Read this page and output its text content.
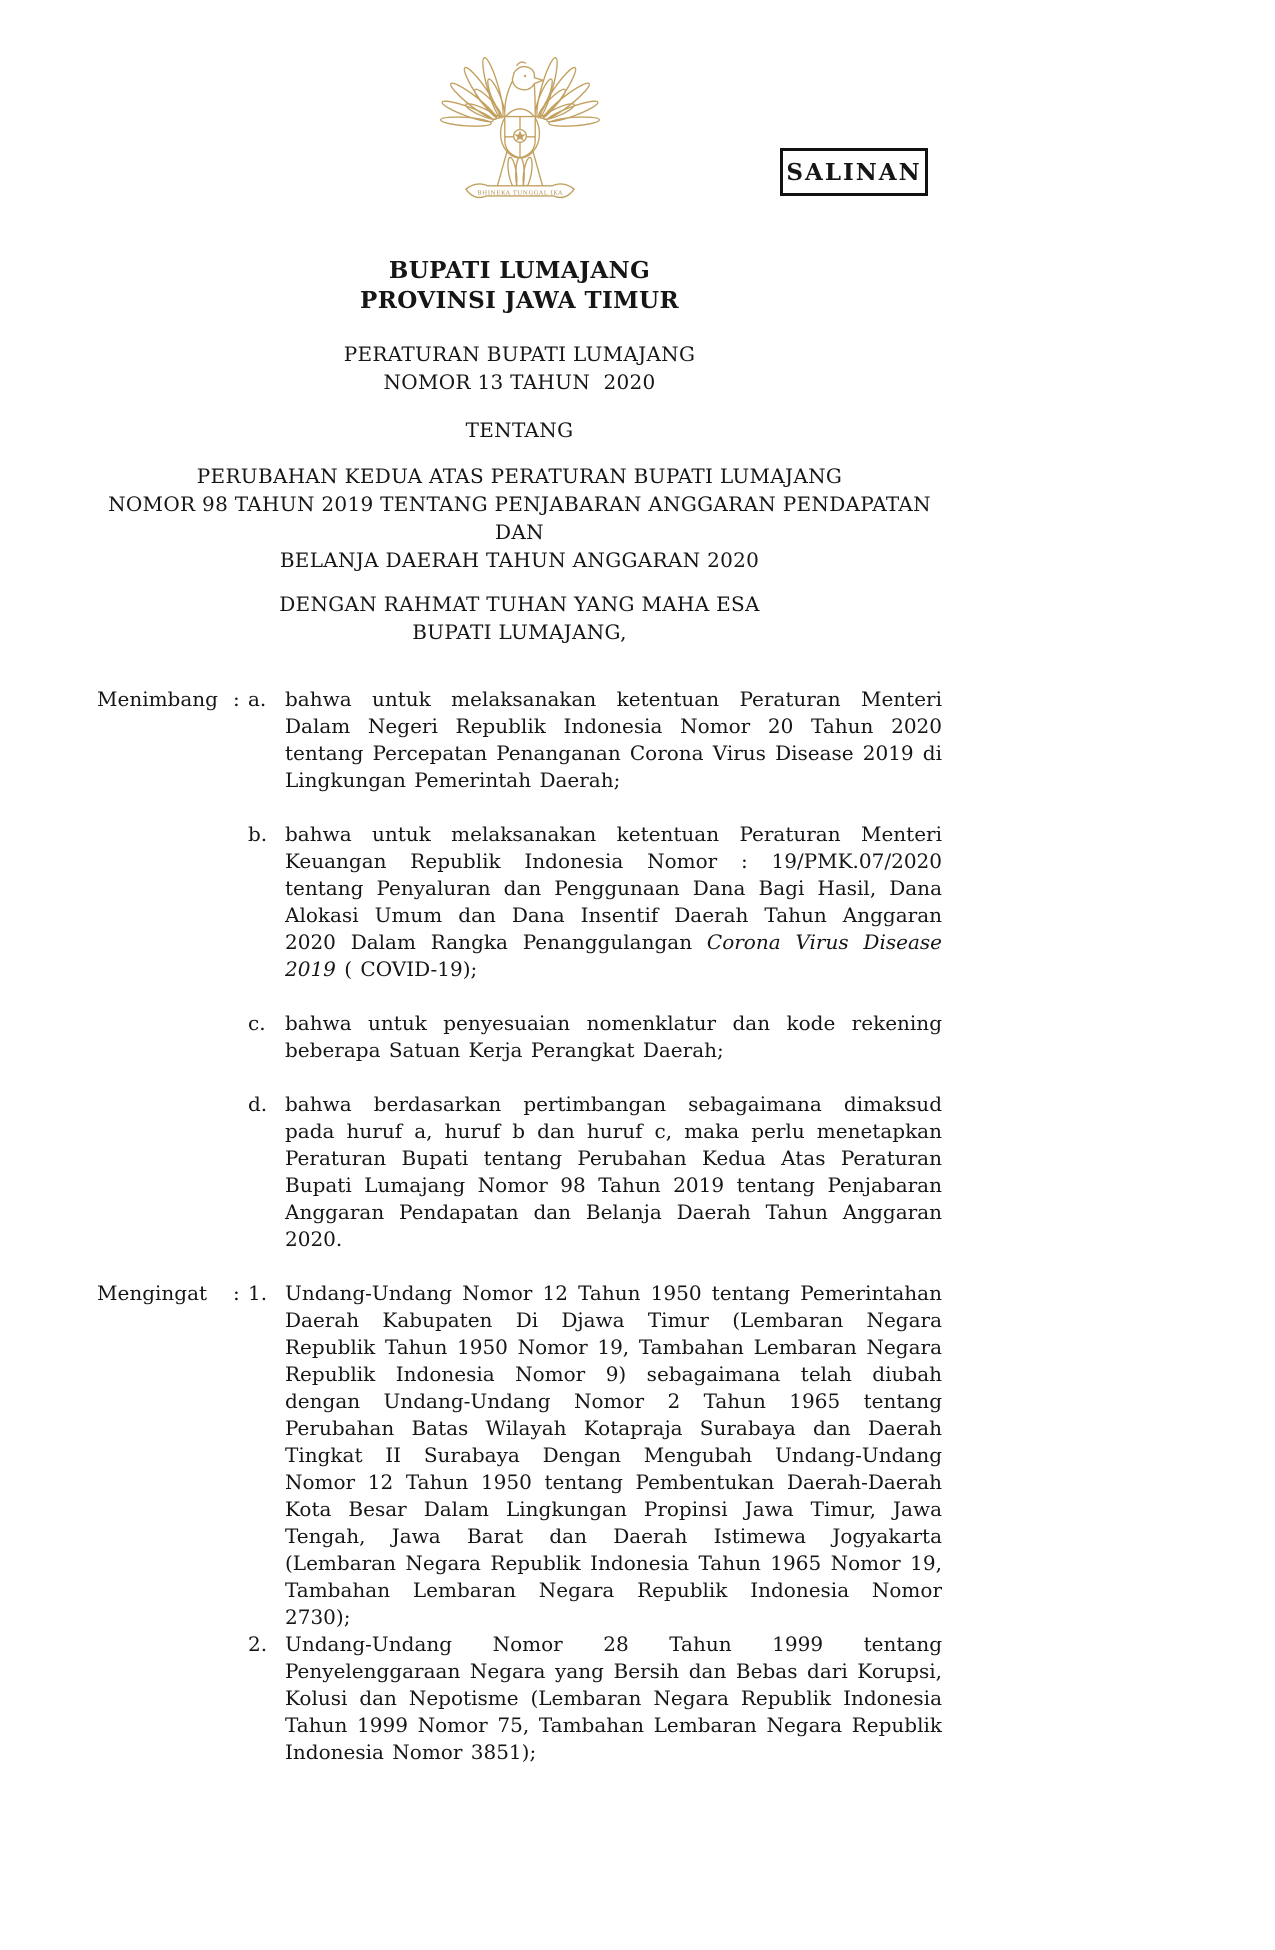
SALINAN
BHINEKA TUNGGAL IKA
BUPATI LUMAJANG
PROVINSI JAWA TIMUR
PERATURAN BUPATI LUMAJANG
NOMOR 13 TAHUN  2020
TENTANG
PERUBAHAN KEDUA ATAS PERATURAN BUPATI LUMAJANG
NOMOR 98 TAHUN 2019 TENTANG PENJABARAN ANGGARAN PENDAPATAN DAN
BELANJA DAERAH TAHUN ANGGARAN 2020
DENGAN RAHMAT TUHAN YANG MAHA ESA
BUPATI LUMAJANG,
Menimbang : a. bahwa untuk melaksanakan ketentuan Peraturan Menteri Dalam Negeri Republik Indonesia Nomor 20 Tahun 2020 tentang Percepatan Penanganan Corona Virus Disease 2019 di Lingkungan Pemerintah Daerah;
b. bahwa untuk melaksanakan ketentuan Peraturan Menteri Keuangan Republik Indonesia Nomor : 19/PMK.07/2020 tentang Penyaluran dan Penggunaan Dana Bagi Hasil, Dana Alokasi Umum dan Dana Insentif Daerah Tahun Anggaran 2020 Dalam Rangka Penanggulangan Corona Virus Disease 2019 ( COVID-19);
c. bahwa untuk penyesuaian nomenklatur dan kode rekening beberapa Satuan Kerja Perangkat Daerah;
d. bahwa berdasarkan pertimbangan sebagaimana dimaksud pada huruf a, huruf b dan huruf c, maka perlu menetapkan Peraturan Bupati tentang Perubahan Kedua Atas Peraturan Bupati Lumajang Nomor 98 Tahun 2019 tentang Penjabaran Anggaran Pendapatan dan Belanja Daerah Tahun Anggaran 2020.
Mengingat	: 1. Undang-Undang Nomor 12 Tahun 1950 tentang Pemerintahan Daerah Kabupaten Di Djawa Timur (Lembaran Negara Republik Tahun 1950 Nomor 19, Tambahan Lembaran Negara Republik Indonesia Nomor 9) sebagaimana telah diubah dengan Undang-Undang Nomor 2 Tahun 1965 tentang Perubahan Batas Wilayah Kotapraja Surabaya dan Daerah Tingkat II Surabaya Dengan Mengubah Undang-Undang Nomor 12 Tahun 1950 tentang Pembentukan Daerah-Daerah Kota Besar Dalam Lingkungan Propinsi Jawa Timur, Jawa Tengah, Jawa Barat dan Daerah Istimewa Jogyakarta (Lembaran Negara Republik Indonesia Tahun 1965 Nomor 19, Tambahan Lembaran Negara Republik Indonesia Nomor 2730);
2. Undang-Undang Nomor 28 Tahun 1999 tentang Penyelenggaraan Negara yang Bersih dan Bebas dari Korupsi, Kolusi dan Nepotisme (Lembaran Negara Republik Indonesia Tahun 1999 Nomor 75, Tambahan Lembaran Negara Republik Indonesia Nomor 3851);
